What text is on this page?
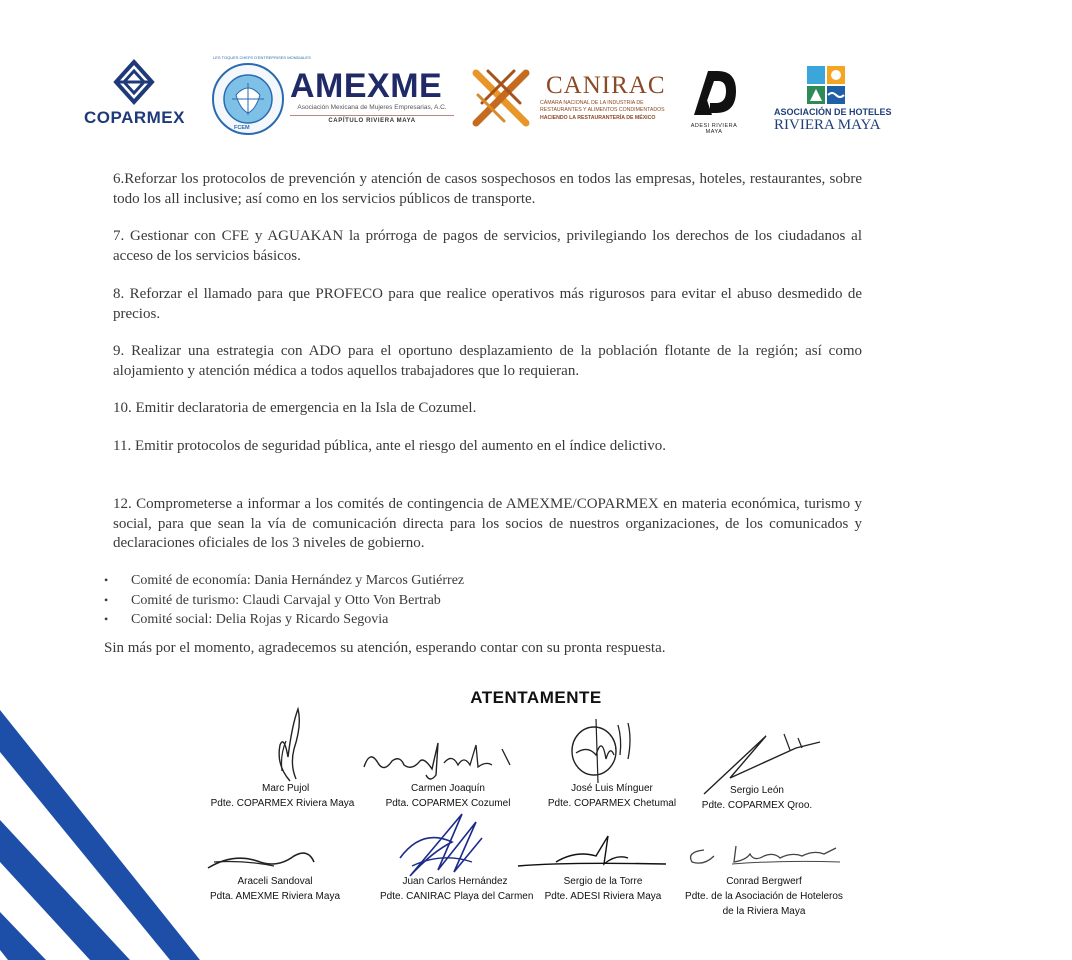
COPARMEX
FCEM
LES TOQUES CHEFS D'ENTREPRISES MONDIALES
AMEXME
Asociación Mexicana de Mujeres Empresarias, A.C.
CAPÍTULO RIVIERA MAYA
CANIRAC
CÁMARA NACIONAL DE LA INDUSTRIA DE
RESTAURANTES Y ALIMENTOS CONDIMENTADOS
HACIENDO LA RESTAURANTERÍA DE MÉXICO
ADESI RIVIERA MAYA
ASOCIACIÓN DE HOTELES
RIVIERA MAYA

6.Reforzar los protocolos de prevención y atención de casos sospechosos en todos las empresas, hoteles, restaurantes, sobre todo los all inclusive; así como en los servicios públicos de transporte.

7. Gestionar con CFE y AGUAKAN la prórroga de pagos de servicios, privilegiando los derechos de los ciudadanos al acceso de los servicios básicos.

8. Reforzar el llamado para que PROFECO para que realice operativos más rigurosos para evitar el abuso desmedido de precios.

9. Realizar una estrategia con ADO para el oportuno desplazamiento de la población flotante de la región; así como alojamiento y atención médica a todos aquellos trabajadores que lo requieran.

10. Emitir declaratoria de emergencia en la Isla de Cozumel.

11. Emitir protocolos de seguridad pública, ante el riesgo del aumento en el índice delictivo.

12. Comprometerse a informar a los comités de contingencia de AMEXME/COPARMEX en materia económica, turismo y social, para que sean la vía de comunicación directa para los socios de nuestros organizaciones, de los comunicados y declaraciones oficiales de los 3 niveles de gobierno.

• Comité de economía: Dania Hernández y Marcos Gutiérrez
• Comité de turismo: Claudi Carvajal y Otto Von Bertrab
• Comité social: Delia Rojas y Ricardo Segovia

Sin más por el momento, agradecemos su atención, esperando contar con su pronta respuesta.

ATENTAMENTE
Marc Pujol
Pdte. COPARMEX Riviera Maya
Carmen Joaquín
Pdta. COPARMEX Cozumel
José Luis Mínguer
Pdte. COPARMEX Chetumal
Sergio León
Pdte. COPARMEX Qroo.
Araceli Sandoval
Pdta. AMEXME Riviera Maya
Juan Carlos Hernández
Pdte. CANIRAC Playa del Carmen
Sergio de la Torre
Pdte. ADESI Riviera Maya
Conrad Bergwerf
Pdte. de la Asociación de Hoteleros
de la Riviera Maya
